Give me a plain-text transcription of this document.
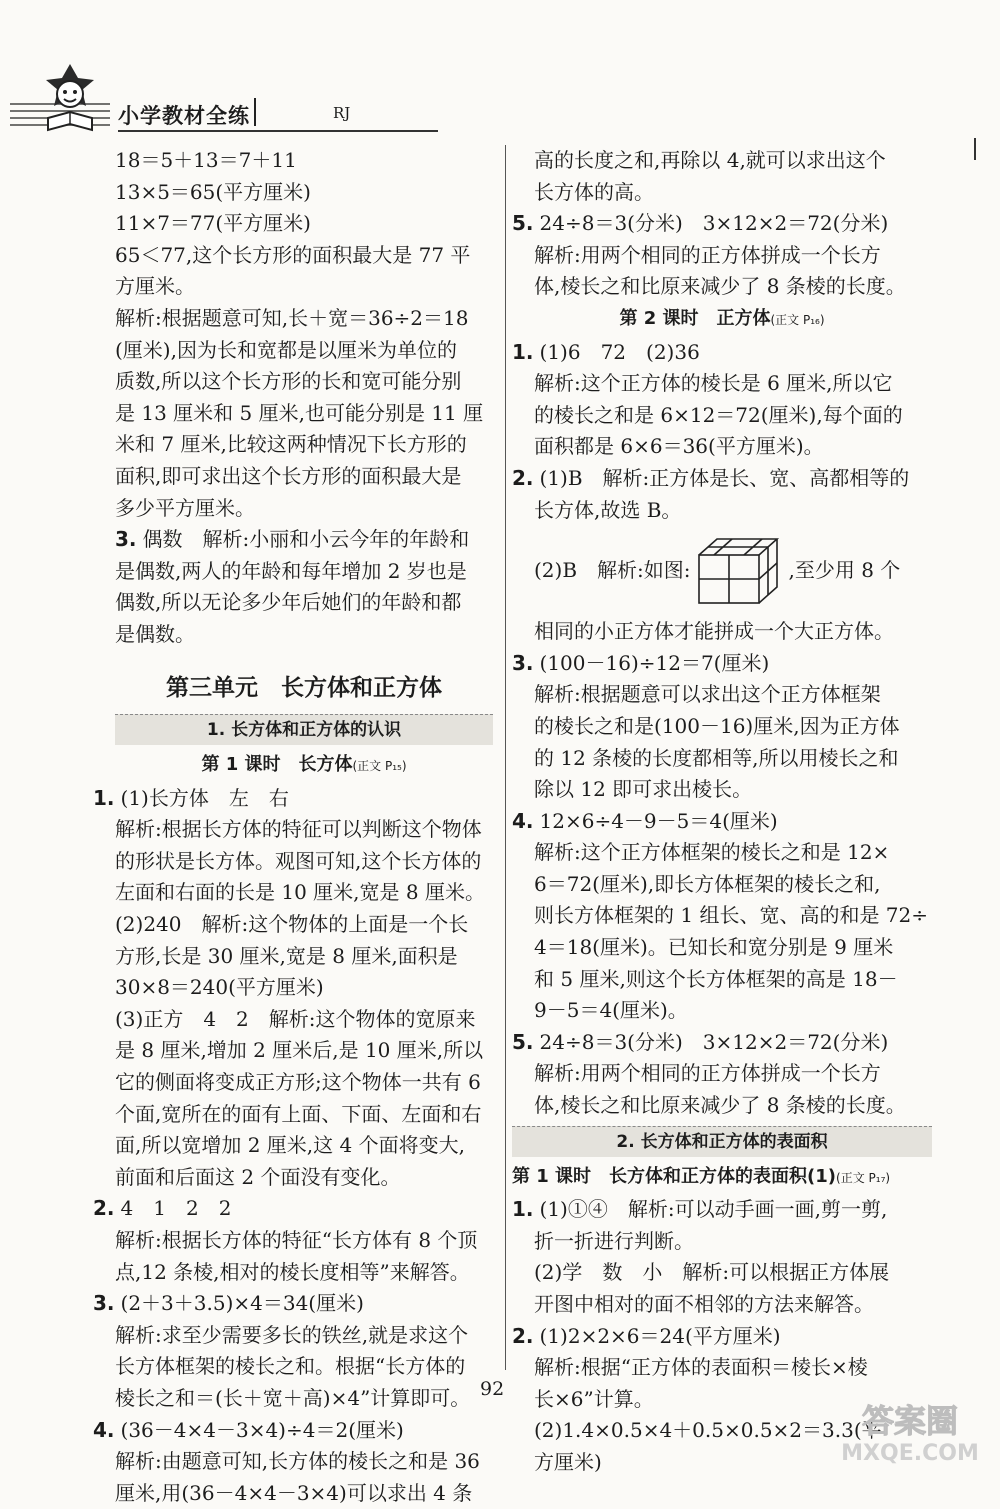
小学教材全练	RJ
18＝5＋13＝7＋11
13×5＝65(平方厘米)
11×7＝77(平方厘米)
65＜77,这个长方形的面积最大是 77 平
方厘米。
解析:根据题意可知,长＋宽＝36÷2＝18
(厘米),因为长和宽都是以厘米为单位的
质数,所以这个长方形的长和宽可能分别
是 13 厘米和 5 厘米,也可能分别是 11 厘
米和 7 厘米,比较这两种情况下长方形的
面积,即可求出这个长方形的面积最大是
多少平方厘米。
3. 偶数　解析:小丽和小云今年的年龄和
是偶数,两人的年龄和每年增加 2 岁也是
偶数,所以无论多少年后她们的年龄和都
是偶数。
第三单元　长方体和正方体
1. 长方体和正方体的认识
第 1 课时　长方体(正文 P₁₅)
1. (1)长方体　左　右
解析:根据长方体的特征可以判断这个物体
的形状是长方体。观图可知,这个长方体的
左面和右面的长是 10 厘米,宽是 8 厘米。
(2)240　解析:这个物体的上面是一个长
方形,长是 30 厘米,宽是 8 厘米,面积是
30×8＝240(平方厘米)
(3)正方　4　2　解析:这个物体的宽原来
是 8 厘米,增加 2 厘米后,是 10 厘米,所以
它的侧面将变成正方形;这个物体一共有 6
个面,宽所在的面有上面、下面、左面和右
面,所以宽增加 2 厘米,这 4 个面将变大,
前面和后面这 2 个面没有变化。
2. 4　1　2　2
解析:根据长方体的特征“长方体有 8 个顶
点,12 条棱,相对的棱长度相等”来解答。
3. (2＋3＋3.5)×4＝34(厘米)
解析:求至少需要多长的铁丝,就是求这个
长方体框架的棱长之和。根据“长方体的
棱长之和＝(长＋宽＋高)×4”计算即可。
4. (36－4×4－3×4)÷4＝2(厘米)
解析:由题意可知,长方体的棱长之和是 36
厘米,用(36－4×4－3×4)可以求出 4 条
高的长度之和,再除以 4,就可以求出这个
长方体的高。
5. 24÷8＝3(分米)　3×12×2＝72(分米)
解析:用两个相同的正方体拼成一个长方
体,棱长之和比原来减少了 8 条棱的长度。
第 2 课时　正方体(正文 P₁₆)
1. (1)6　72　(2)36
解析:这个正方体的棱长是 6 厘米,所以它
的棱长之和是 6×12＝72(厘米),每个面的
面积都是 6×6＝36(平方厘米)。
2. (1)B　解析:正方体是长、宽、高都相等的
长方体,故选 B。
(2)B　解析:如图:	,至少用 8 个
相同的小正方体才能拼成一个大正方体。
3. (100－16)÷12＝7(厘米)
解析:根据题意可以求出这个正方体框架
的棱长之和是(100－16)厘米,因为正方体
的 12 条棱的长度都相等,所以用棱长之和
除以 12 即可求出棱长。
4. 12×6÷4－9－5＝4(厘米)
解析:这个正方体框架的棱长之和是 12×
6＝72(厘米),即长方体框架的棱长之和,
则长方体框架的 1 组长、宽、高的和是 72÷
4＝18(厘米)。已知长和宽分别是 9 厘米
和 5 厘米,则这个长方体框架的高是 18－
9－5＝4(厘米)。
5. 24÷8＝3(分米)　3×12×2＝72(分米)
解析:用两个相同的正方体拼成一个长方
体,棱长之和比原来减少了 8 条棱的长度。
2. 长方体和正方体的表面积
第 1 课时　长方体和正方体的表面积(1)(正文 P₁₇)
1. (1)①④　解析:可以动手画一画,剪一剪,
折一折进行判断。
(2)学　数　小　解析:可以根据正方体展
开图中相对的面不相邻的方法来解答。
2. (1)2×2×6＝24(平方厘米)
解析:根据“正方体的表面积＝棱长×棱
长×6”计算。
(2)1.4×0.5×4＋0.5×0.5×2＝3.3(平
方厘米)
92
答案圈
MXQE.COM
